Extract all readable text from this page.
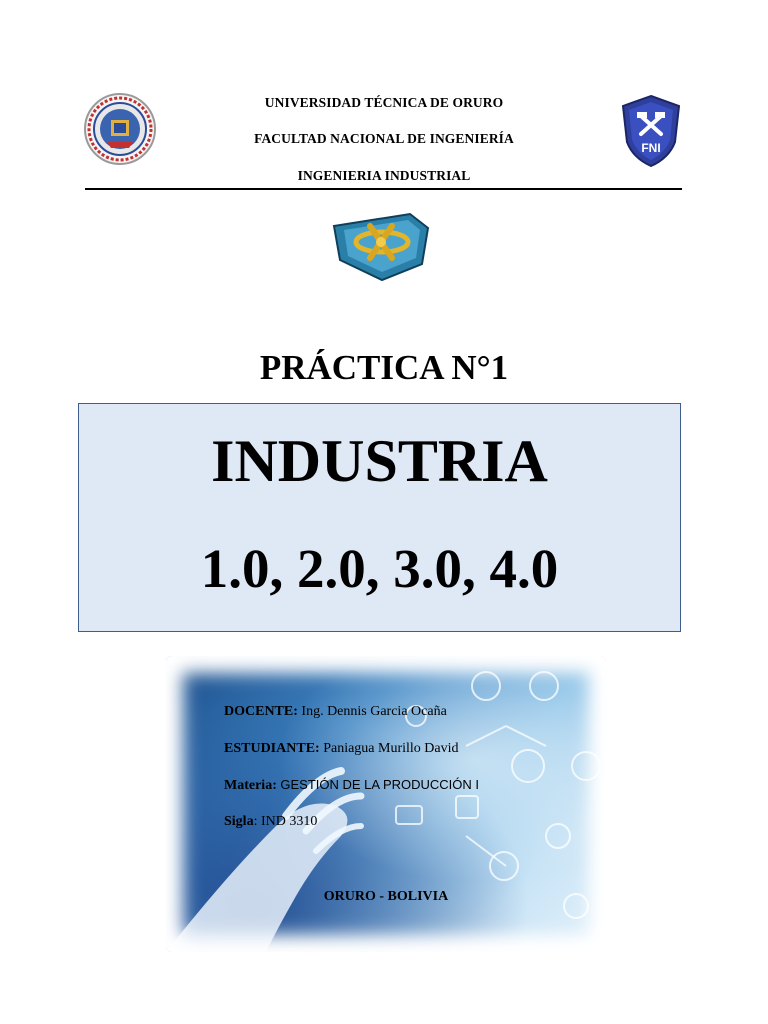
UNIVERSIDAD TÉCNICA DE ORURO
FACULTAD NACIONAL DE INGENIERÍA
INGENIERIA INDUSTRIAL
FNI
PRÁCTICA N°1
INDUSTRIA
1.0, 2.0, 3.0, 4.0
DOCENTE: Ing. Dennis Garcia Ocaña
ESTUDIANTE: Paniagua Murillo David
Materia: GESTIÓN DE LA PRODUCCIÓN I
Sigla: IND 3310
ORURO - BOLIVIA
